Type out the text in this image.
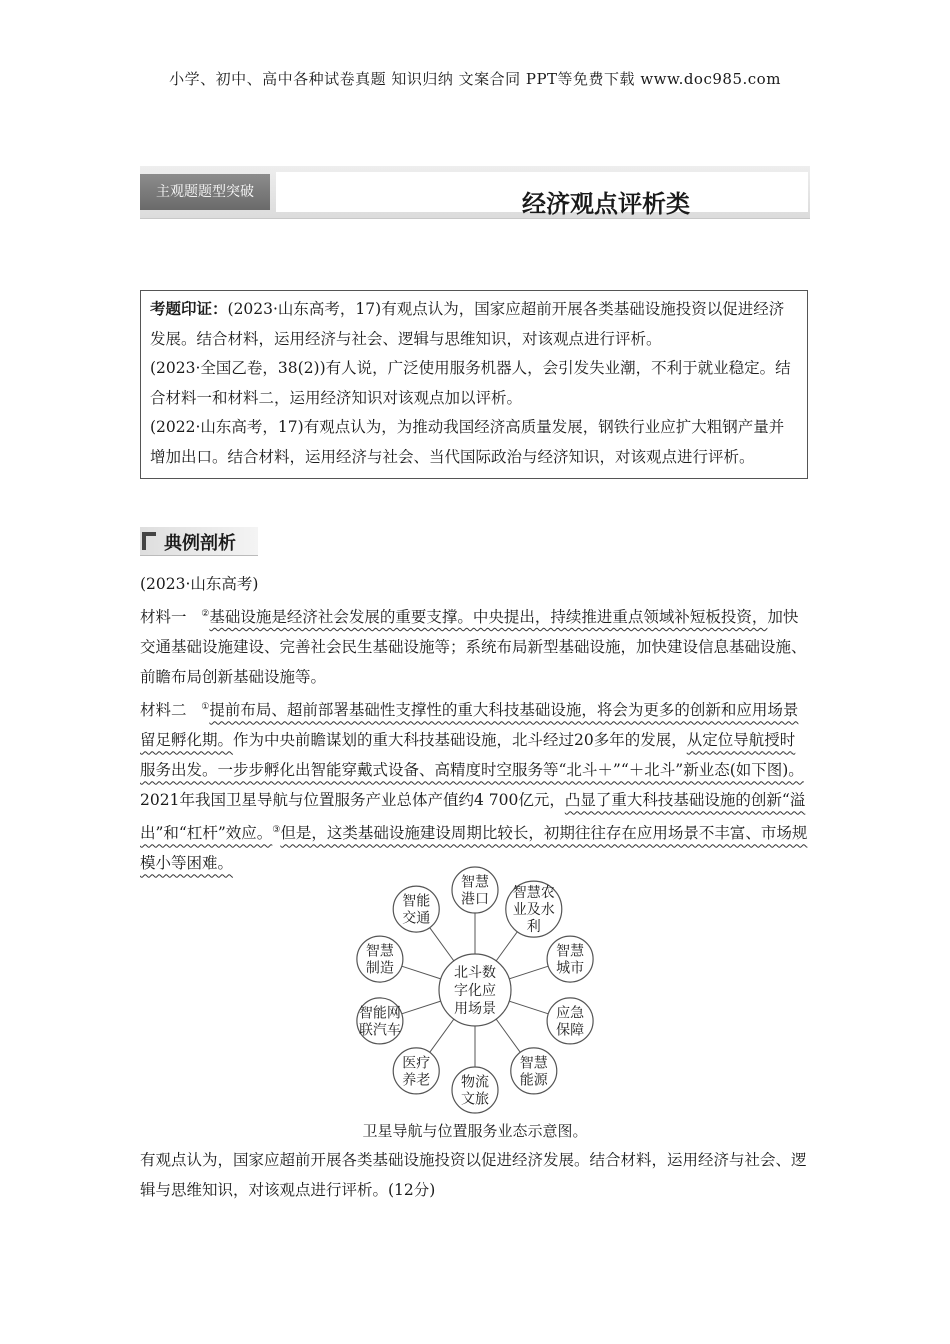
小学、初中、高中各种试卷真题 知识归纳 文案合同 PPT等免费下载 www.doc985.com
主观题题型突破	经济观点评析类

考题印证：(2023·山东高考，17)有观点认为，国家应超前开展各类基础设施投资以促进经济发展。结合材料，运用经济与社会、逻辑与思维知识，对该观点进行评析。

(2023·全国乙卷，38(2))有人说，广泛使用服务机器人，会引发失业潮，不利于就业稳定。结合材料一和材料二，运用经济知识对该观点加以评析。

(2022·山东高考，17)有观点认为，为推动我国经济高质量发展，钢铁行业应扩大粗钢产量并增加出口。结合材料，运用经济与社会、当代国际政治与经济知识，对该观点进行评析。

典例剖析

(2023·山东高考)

材料一 ②基础设施是经济社会发展的重要支撑。中央提出，持续推进重点领域补短板投资，加快交通基础设施建设、完善社会民生基础设施等；系统布局新型基础设施，加快建设信息基础设施、前瞻布局创新基础设施等。

材料二 ①提前布局、超前部署基础性支撑性的重大科技基础设施，将会为更多的创新和应用场景留足孵化期。作为中央前瞻谋划的重大科技基础设施，北斗经过20多年的发展，从定位导航授时服务出发。一步步孵化出智能穿戴式设备、高精度时空服务等“北斗＋”“＋北斗”新业态(如下图)。2021年我国卫星导航与位置服务产业总体产值约4 700亿元，凸显了重大科技基础设施的创新“溢出”和“杠杆”效应。③但是，这类基础设施建设周期比较长，初期往往存在应用场景不丰富、市场规模小等困难。

智慧
港口 智慧农
业及水
利
智慧
城市
应急
保障
智慧
能源
物流
文旅
医疗
养老
智能网
联汽车
智慧
制造
智能
交通
北斗数
字化应
用场景
卫星导航与位置服务业态示意图。

有观点认为，国家应超前开展各类基础设施投资以促进经济发展。结合材料，运用经济与社会、逻辑与思维知识，对该观点进行评析。(12分)
